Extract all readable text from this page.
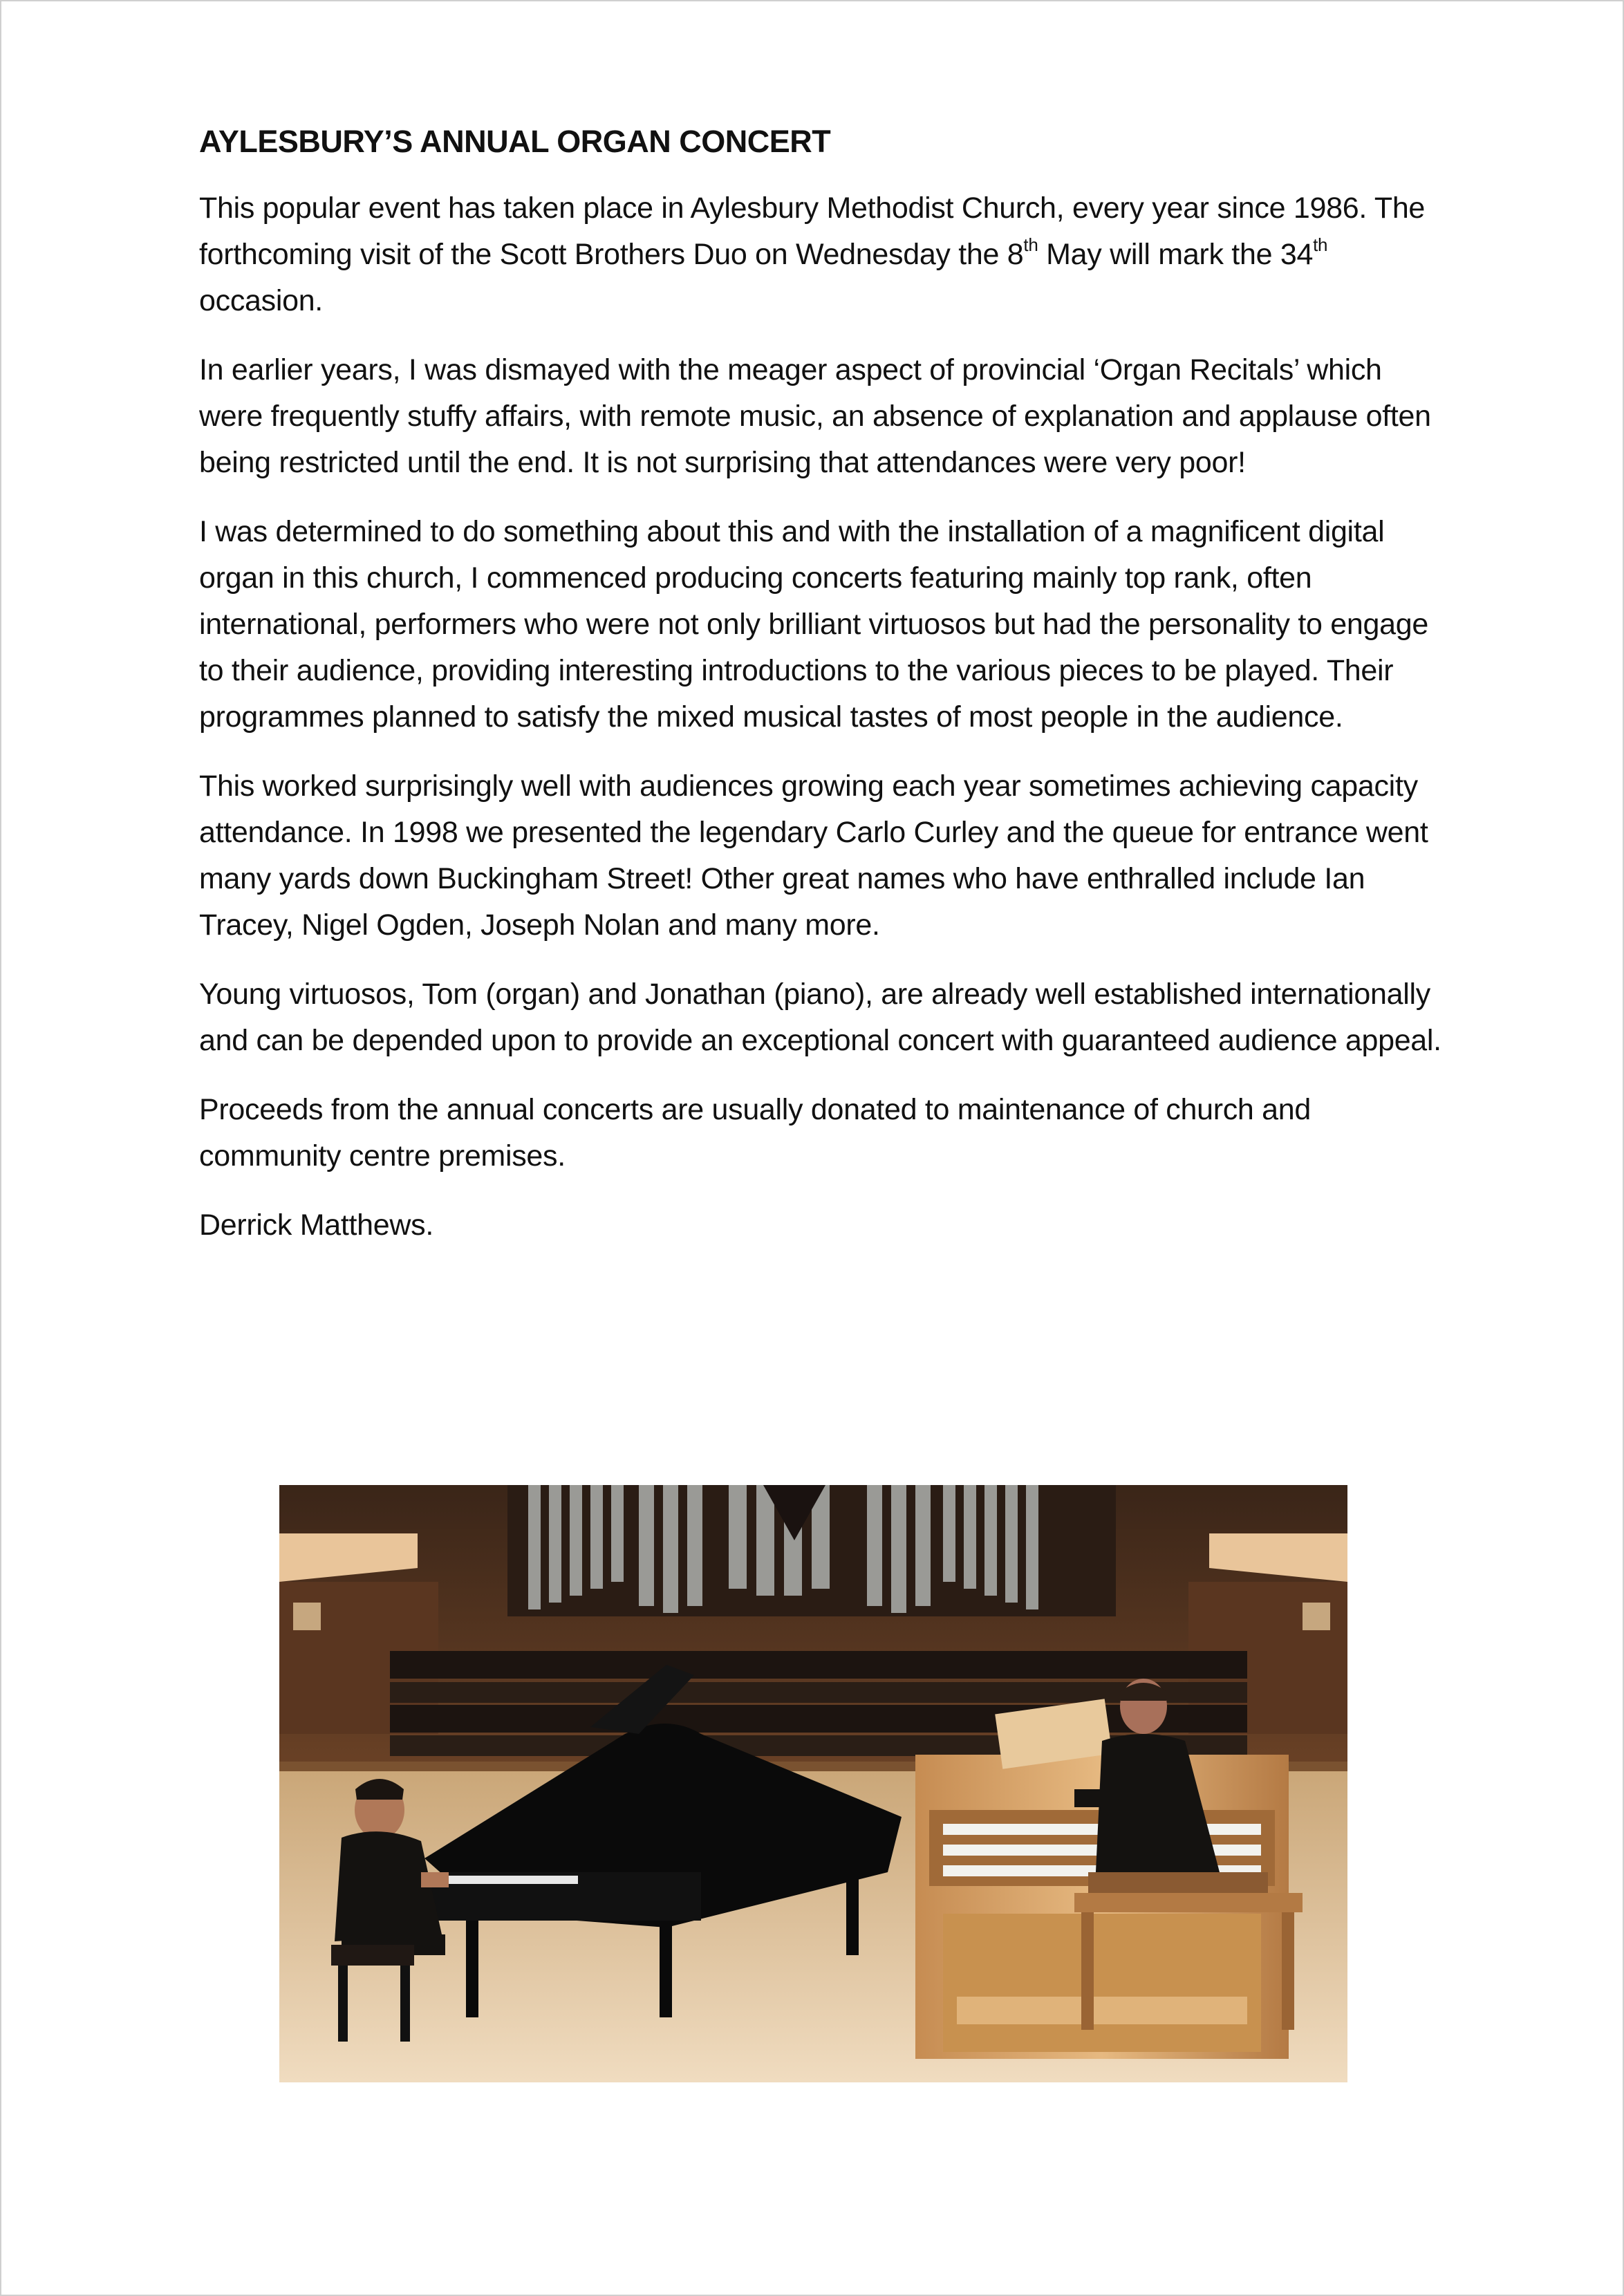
AYLESBURY’S ANNUAL ORGAN CONCERT

This popular event has taken place in Aylesbury Methodist Church, every year since 1986. The forthcoming visit of the Scott Brothers Duo on Wednesday the 8th May will mark the 34th occasion.

In earlier years, I was dismayed with the meager aspect of provincial ‘Organ Recitals’ which were frequently stuffy affairs, with remote music, an absence of explanation and applause often being restricted until the end. It is not surprising that attendances were very poor!

I was determined to do something about this and with the installation of a magnificent digital organ in this church, I commenced producing concerts featuring mainly top rank, often international, performers who were not only brilliant virtuosos but had the personality to engage to their audience, providing interesting introductions to the various pieces to be played. Their programmes planned to satisfy the mixed musical tastes of most people in the audience.

This worked surprisingly well with audiences growing each year sometimes achieving capacity attendance. In 1998 we presented the legendary Carlo Curley and the queue for entrance went many yards down Buckingham Street! Other great names who have enthralled include Ian Tracey, Nigel Ogden, Joseph Nolan and many more.

Young virtuosos, Tom (organ) and Jonathan (piano), are already well established internationally and can be depended upon to provide an exceptional concert with guaranteed audience appeal.

Proceeds from the annual concerts are usually donated to maintenance of church and community centre premises.

Derrick Matthews.
